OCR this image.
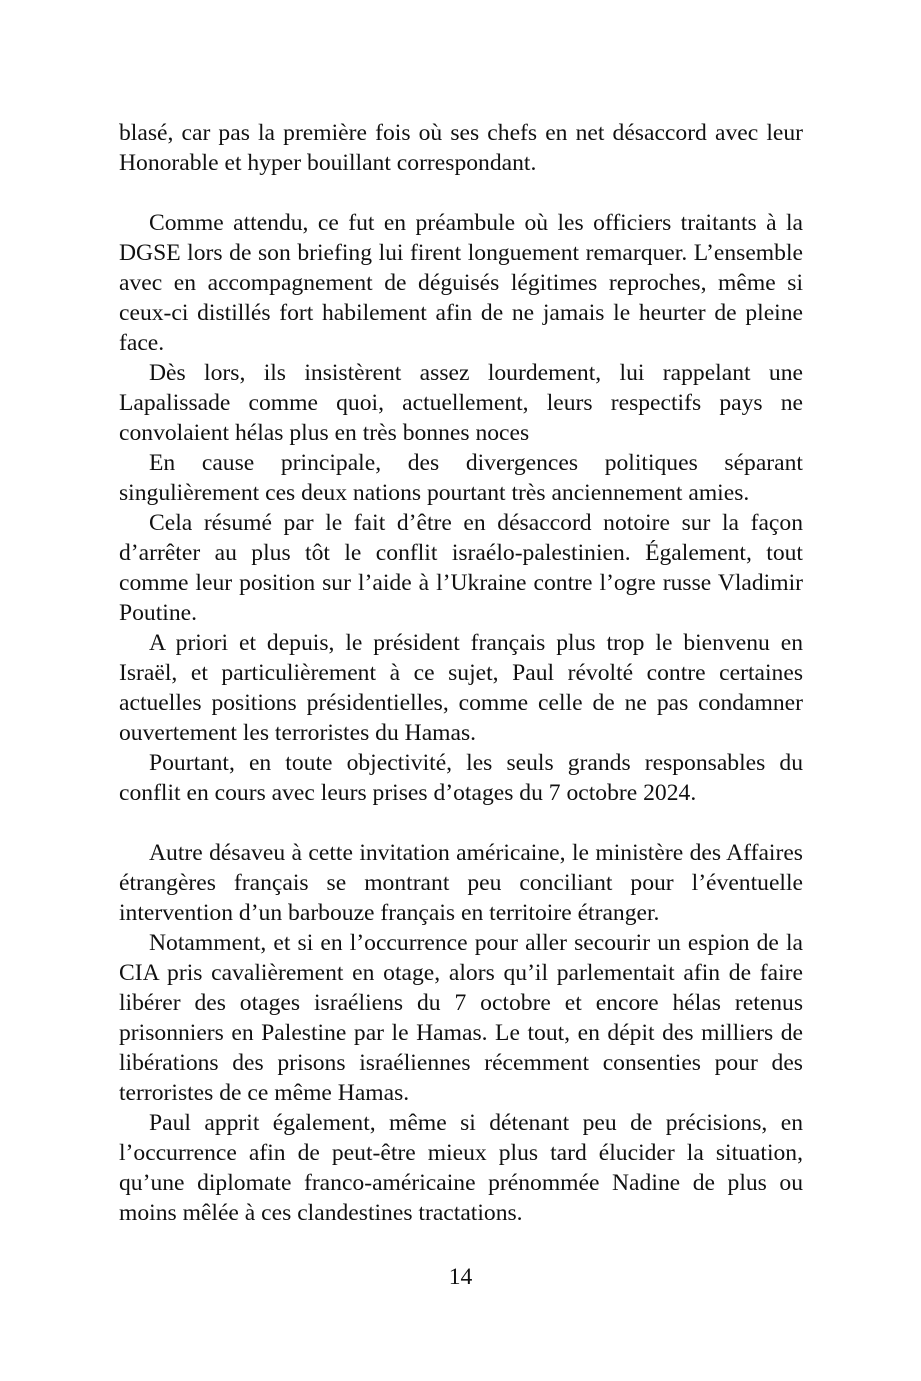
blasé, car pas la première fois où ses chefs en net désaccord avec leur Honorable et hyper bouillant correspondant.

Comme attendu, ce fut en préambule où les officiers traitants à la DGSE lors de son briefing lui firent longuement remarquer. L’ensemble avec en accompagnement de déguisés légitimes reproches, même si ceux-ci distillés fort habilement afin de ne jamais le heurter de pleine face.

Dès lors, ils insistèrent assez lourdement, lui rappelant une Lapalissade comme quoi, actuellement, leurs respectifs pays ne convolaient hélas plus en très bonnes noces

En cause principale, des divergences politiques séparant singulièrement ces deux nations pourtant très anciennement amies.

Cela résumé par le fait d’être en désaccord notoire sur la façon d’arrêter au plus tôt le conflit israélo-palestinien. Également, tout comme leur position sur l’aide à l’Ukraine contre l’ogre russe Vladimir Poutine.

A priori et depuis, le président français plus trop le bienvenu en Israël, et particulièrement à ce sujet, Paul révolté contre certaines actuelles positions présidentielles, comme celle de ne pas condamner ouvertement les terroristes du Hamas.

Pourtant, en toute objectivité, les seuls grands responsables du conflit en cours avec leurs prises d’otages du 7 octobre 2024.

Autre désaveu à cette invitation américaine, le ministère des Affaires étrangères français se montrant peu conciliant pour l’éventuelle intervention d’un barbouze français en territoire étranger.

Notamment, et si en l’occurrence pour aller secourir un espion de la CIA pris cavalièrement en otage, alors qu’il parlementait afin de faire libérer des otages israéliens du 7 octobre et encore hélas retenus prisonniers en Palestine par le Hamas. Le tout, en dépit des milliers de libérations des prisons israéliennes récemment consenties pour des terroristes de ce même Hamas.

Paul apprit également, même si détenant peu de précisions, en l’occurrence afin de peut-être mieux plus tard élucider la situation, qu’une diplomate franco-américaine prénommée Nadine de plus ou moins mêlée à ces clandestines tractations.

14
